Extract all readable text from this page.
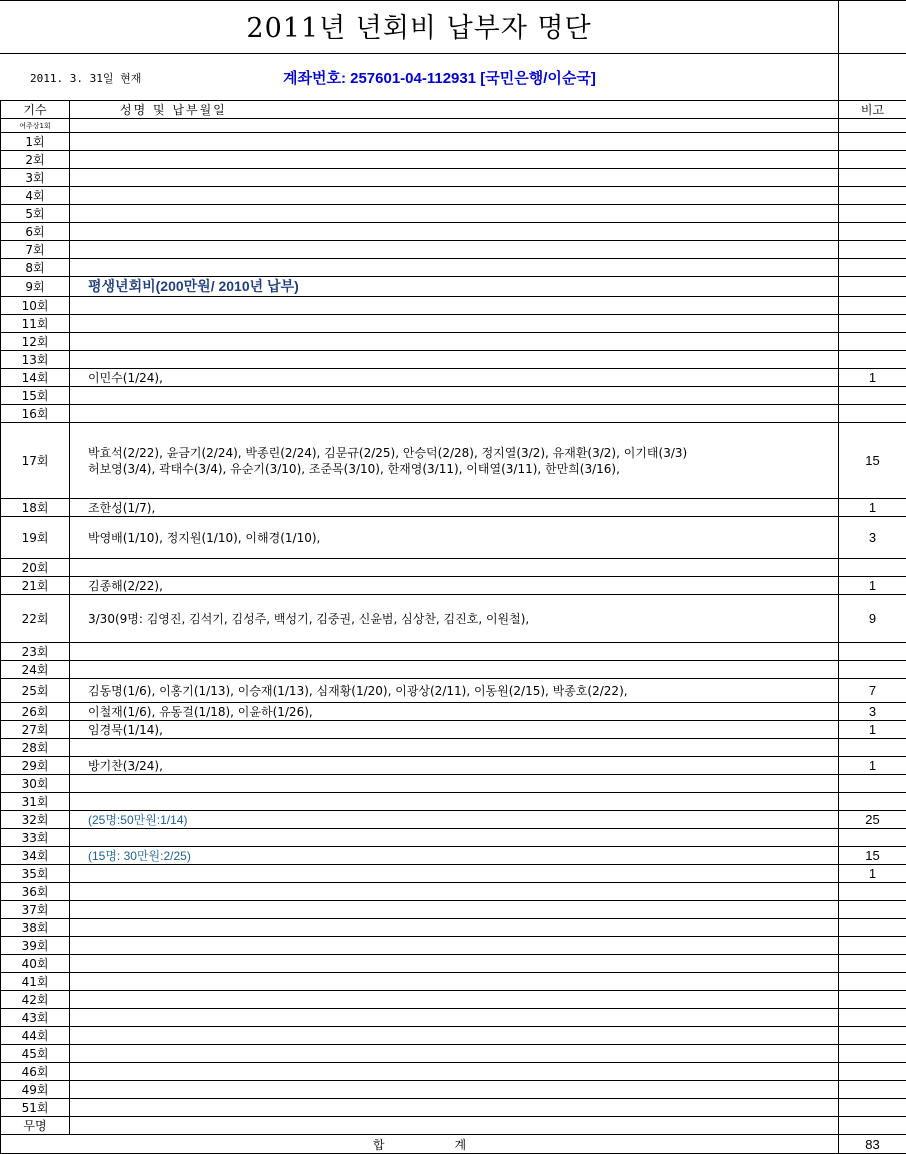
2011년 년회비 납부자 명단
2011. 3. 31일 현재	계좌번호: 257601-04-112931 [국민은행/이순국]
기수	성명 및 납부월일	비고
여주상1회		
1회		
2회		
3회		
4회		
5회		
6회		
7회		
8회		
9회	평생년회비(200만원/ 2010년 납부)	
10회		
11회		
12회		
13회		
14회	이민수(1/24),	1
15회		
16회		
17회	박효석(2/22), 윤금기(2/24), 박종린(2/24), 김문규(2/25), 안승덕(2/28), 정지열(3/2), 유재환(3/2), 이기태(3/3)
허보영(3/4), 곽태수(3/4), 유순기(3/10), 조준목(3/10), 한재영(3/11), 이태열(3/11), 한만희(3/16),	15
18회	조한성(1/7),	1
19회	박영배(1/10), 정지원(1/10), 이해경(1/10),	3
20회		
21회	김종해(2/22),	1
22회	3/30(9명: 김영진, 김석기, 김성주, 백성기, 김중권, 신윤범, 심상찬, 김진호, 이원철),	9
23회		
24회		
25회	김동명(1/6), 이홍기(1/13), 이승재(1/13), 심재황(1/20), 이광상(2/11), 이동원(2/15), 박종호(2/22),	7
26회	이철재(1/6), 유동걸(1/18), 이윤하(1/26),	3
27회	임경묵(1/14),	1
28회		
29회	방기찬(3/24),	1
30회		
31회		
32회	(25명:50만원:1/14)	25
33회		
34회	(15명: 30만원:2/25)	15
35회		1
36회		
37회		
38회		
39회		
40회		
41회		
42회		
43회		
44회		
45회		
46회		
49회		
51회		
무명		
합 계		83
